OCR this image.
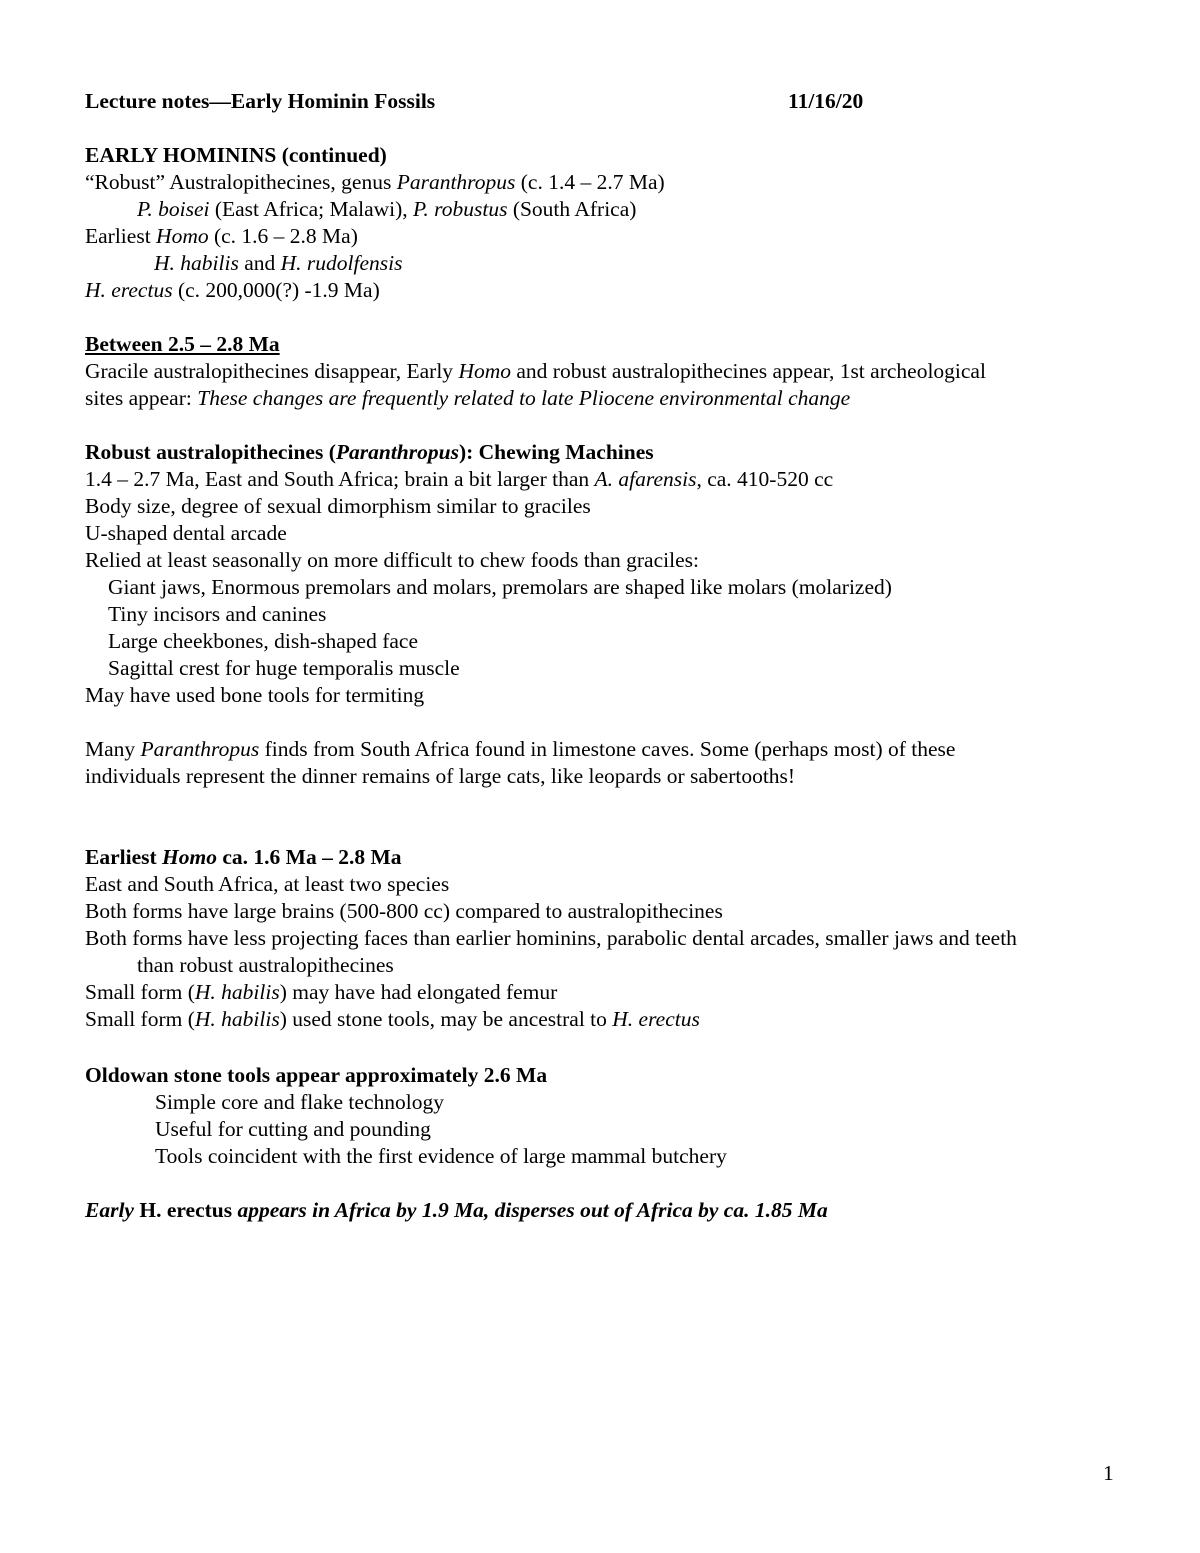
Lecture notes—Early Hominin Fossils	11/16/20
EARLY HOMININS (continued)
“Robust” Australopithecines, genus Paranthropus (c. 1.4 – 2.7 Ma)
P. boisei (East Africa; Malawi), P. robustus (South Africa)
Earliest Homo (c. 1.6 – 2.8 Ma)
H. habilis and H. rudolfensis
H. erectus (c. 200,000(?) -1.9 Ma)
Between 2.5 – 2.8 Ma
Gracile australopithecines disappear, Early Homo and robust australopithecines appear, 1st archeological
sites appear: These changes are frequently related to late Pliocene environmental change
Robust australopithecines (Paranthropus): Chewing Machines
1.4 – 2.7 Ma, East and South Africa; brain a bit larger than A. afarensis, ca. 410-520 cc
Body size, degree of sexual dimorphism similar to graciles
U-shaped dental arcade
Relied at least seasonally on more difficult to chew foods than graciles:
Giant jaws, Enormous premolars and molars, premolars are shaped like molars (molarized)
Tiny incisors and canines
Large cheekbones, dish-shaped face
Sagittal crest for huge temporalis muscle
May have used bone tools for termiting
Many Paranthropus finds from South Africa found in limestone caves. Some (perhaps most) of these
individuals represent the dinner remains of large cats, like leopards or sabertooths!
Earliest Homo ca. 1.6 Ma – 2.8 Ma
East and South Africa, at least two species
Both forms have large brains (500-800 cc) compared to australopithecines
Both forms have less projecting faces than earlier hominins, parabolic dental arcades, smaller jaws and teeth
than robust australopithecines
Small form (H. habilis) may have had elongated femur
Small form (H. habilis) used stone tools, may be ancestral to H. erectus
Oldowan stone tools appear approximately 2.6 Ma
Simple core and flake technology
Useful for cutting and pounding
Tools coincident with the first evidence of large mammal butchery
Early H. erectus appears in Africa by 1.9 Ma, disperses out of Africa by ca. 1.85 Ma
1
